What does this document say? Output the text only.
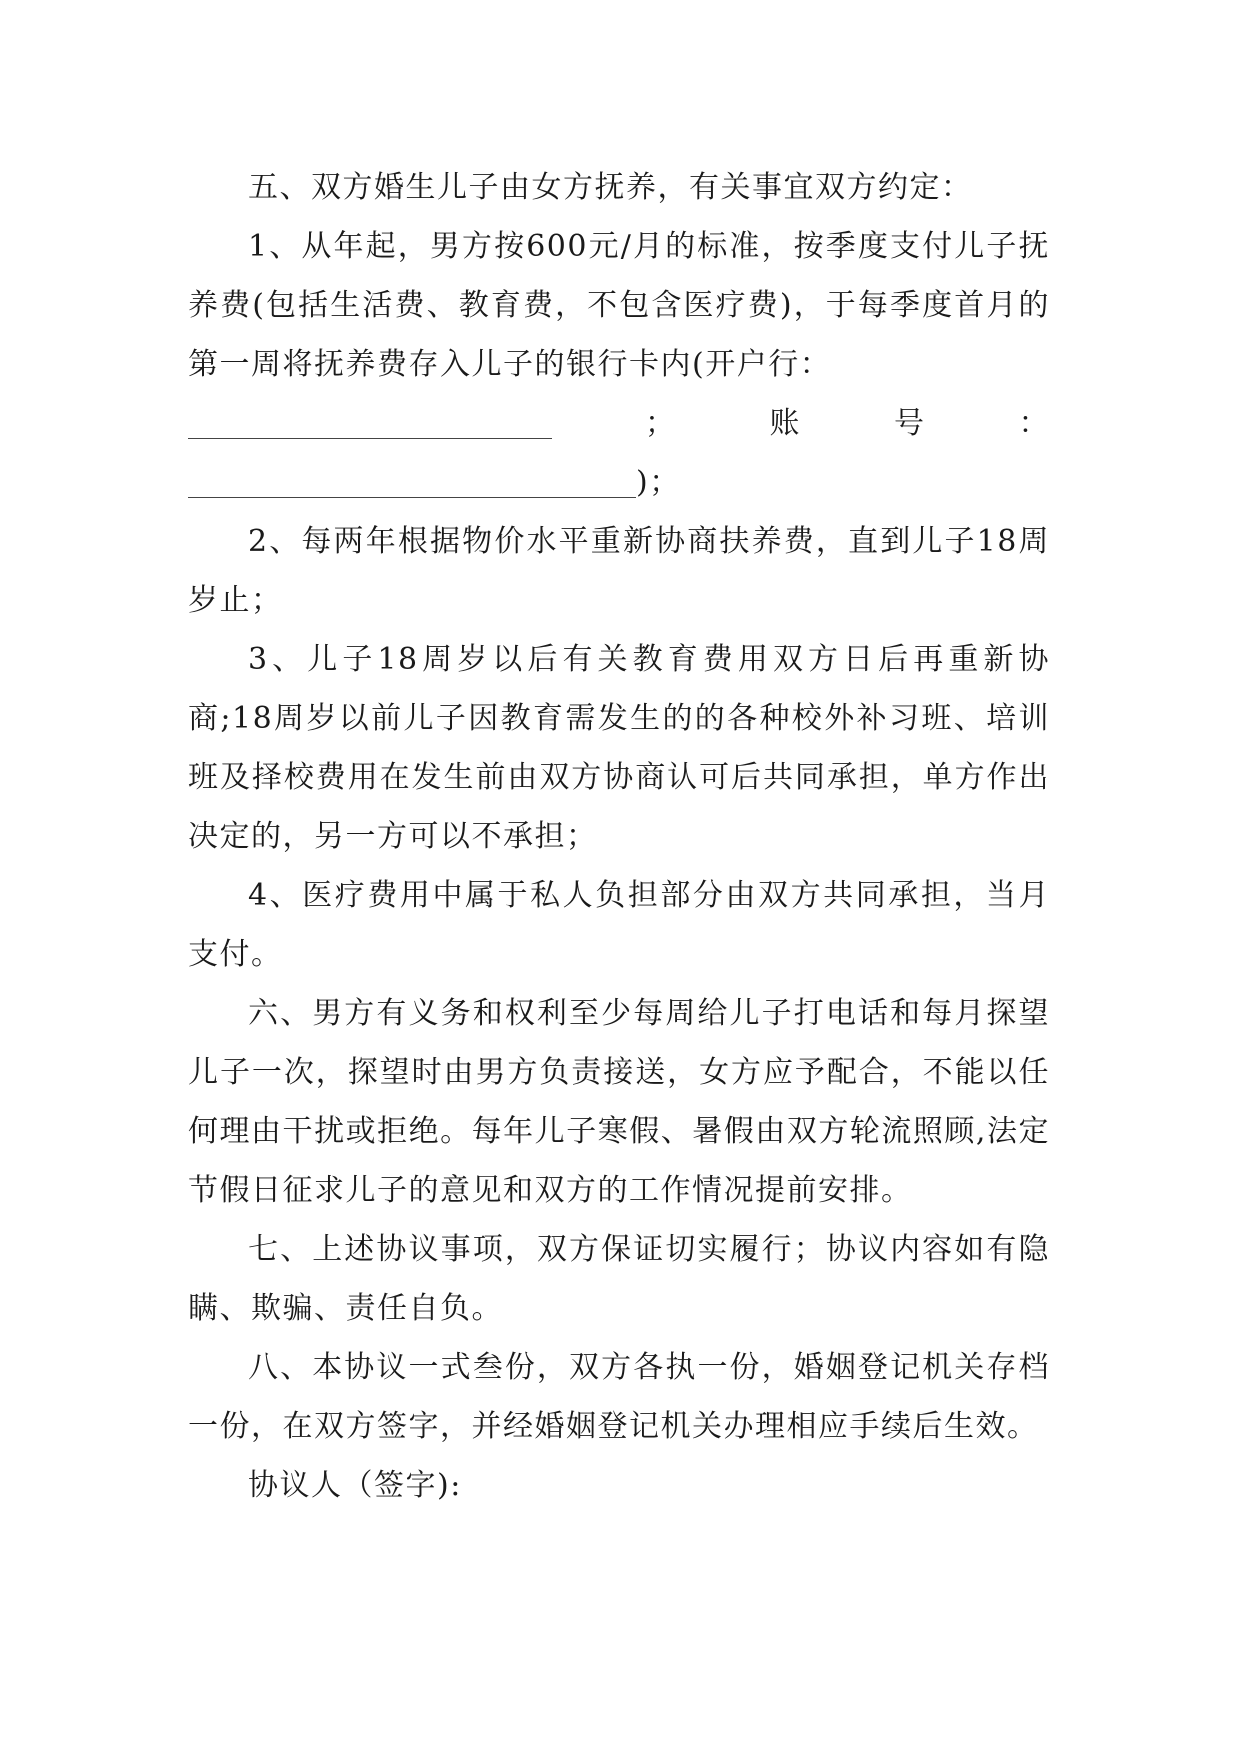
五、双方婚生儿子由女方抚养，有关事宜双方约定：

1、从年起，男方按600元/月的标准，按季度支付儿子抚养费(包括生活费、教育费，不包含医疗费)，于每季度首月的第一周将抚养费存入儿子的银行卡内(开户行：

；	账	号	：

)；

2、每两年根据物价水平重新协商扶养费，直到儿子18周岁止；

3、儿子18周岁以后有关教育费用双方日后再重新协商;18周岁以前儿子因教育需发生的的各种校外补习班、培训班及择校费用在发生前由双方协商认可后共同承担，单方作出决定的，另一方可以不承担；

4、医疗费用中属于私人负担部分由双方共同承担，当月支付。

六、男方有义务和权利至少每周给儿子打电话和每月探望儿子一次，探望时由男方负责接送，女方应予配合，不能以任何理由干扰或拒绝。每年儿子寒假、暑假由双方轮流照顾,法定节假日征求儿子的意见和双方的工作情况提前安排。

七、上述协议事项，双方保证切实履行；协议内容如有隐瞒、欺骗、责任自负。

八、本协议一式叁份，双方各执一份，婚姻登记机关存档一份，在双方签字，并经婚姻登记机关办理相应手续后生效。

协议人（签字):
